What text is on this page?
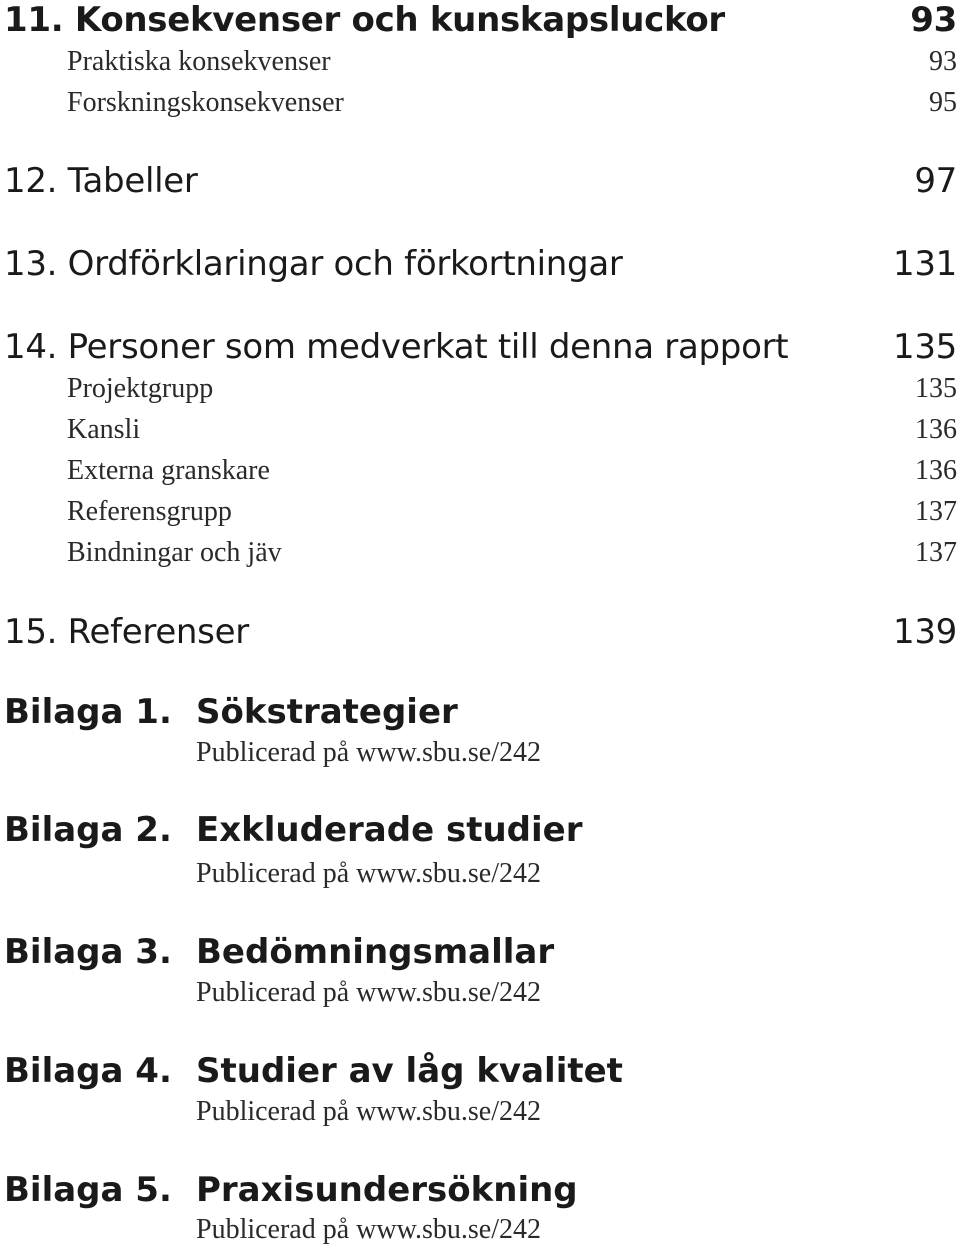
11. Konsekvenser och kunskapsluckor	93
Praktiska konsekvenser	93
Forskningskonsekvenser	95
12. Tabeller	97
13. Ordförklaringar och förkortningar	131
14. Personer som medverkat till denna rapport	135
Projektgrupp	135
Kansli	136
Externa granskare	136
Referensgrupp	137
Bindningar och jäv	137
15. Referenser	139
Bilaga 1. Sökstrategier
Publicerad på www.sbu.se/242
Bilaga 2. Exkluderade studier
Publicerad på www.sbu.se/242
Bilaga 3. Bedömningsmallar
Publicerad på www.sbu.se/242
Bilaga 4. Studier av låg kvalitet
Publicerad på www.sbu.se/242
Bilaga 5. Praxisundersökning
Publicerad på www.sbu.se/242
